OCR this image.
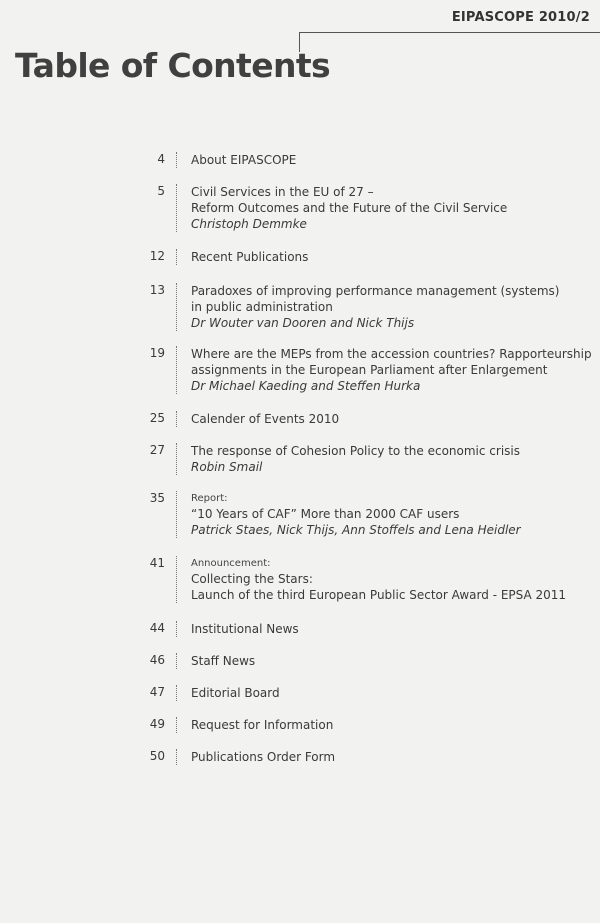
EIPASCOPE 2010/2
Table of Contents
4 About EIPASCOPE
5 Civil Services in the EU of 27 –
Reform Outcomes and the Future of the Civil Service
Christoph Demmke
12 Recent Publications
13 Paradoxes of improving performance management (systems)
in public administration
Dr Wouter van Dooren and Nick Thijs
19 Where are the MEPs from the accession countries? Rapporteurship
assignments in the European Parliament after Enlargement
Dr Michael Kaeding and Steffen Hurka
25 Calender of Events 2010
27 The response of Cohesion Policy to the economic crisis
Robin Smail
35	Report:
“10 Years of CAF” More than 2000 CAF users
Patrick Staes, Nick Thijs, Ann Stoffels and Lena Heidler
41	Announcement:
Collecting the Stars:
Launch of the third European Public Sector Award - EPSA 2011
44 Institutional News
46 Staff News
47 Editorial Board
49 Request for Information
50 Publications Order Form
